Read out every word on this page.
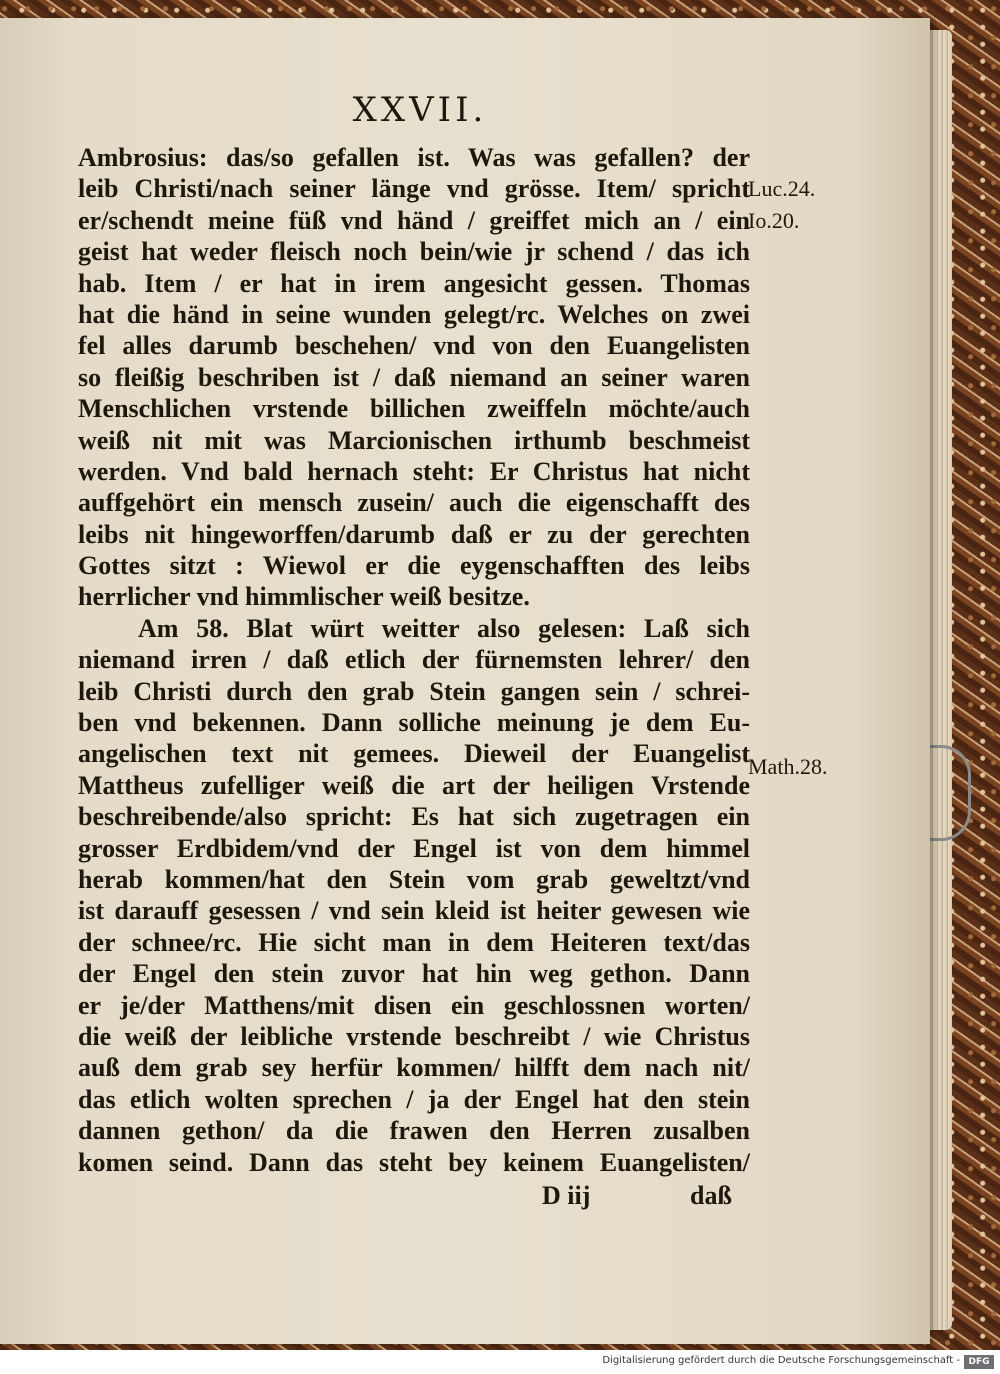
XXVII.
Ambrosius: das/so gefallen ist. Was was gefallen? der
leib Christi/nach seiner länge vnd grösse. Item/ spricht
er/schendt meine füß vnd händ / greiffet mich an / ein
geist hat weder fleisch noch bein/wie jr schend / das ich
hab. Item / er hat in irem angesicht gessen. Thomas
hat die händ in seine wunden gelegt/rc. Welches on zwei
fel alles darumb beschehen/ vnd von den Euangelisten
so fleißig beschriben ist / daß niemand an seiner waren
Menschlichen vrstende billichen zweiffeln möchte/auch
weiß nit mit was Marcionischen irthumb beschmeist
werden. Vnd bald hernach steht: Er Christus hat nicht
auffgehört ein mensch zusein/ auch die eigenschafft des
leibs nit hingeworffen/darumb daß er zu der gerechten
Gottes sitzt : Wiewol er die eygenschafften des leibs
herrlicher vnd himmlischer weiß besitze.
Am 58. Blat würt weitter also gelesen: Laß sich
niemand irren / daß etlich der fürnemsten lehrer/ den
leib Christi durch den grab Stein gangen sein / schrei-
ben vnd bekennen. Dann solliche meinung je dem Eu-
angelischen text nit gemees. Dieweil der Euangelist
Mattheus zufelliger weiß die art der heiligen Vrstende
beschreibende/also spricht: Es hat sich zugetragen ein
grosser Erdbidem/vnd der Engel ist von dem himmel
herab kommen/hat den Stein vom grab geweltzt/vnd
ist darauff gesessen / vnd sein kleid ist heiter gewesen wie
der schnee/rc. Hie sicht man in dem Heiteren text/das
der Engel den stein zuvor hat hin weg gethon. Dann
er je/der Matthens/mit disen ein geschlossnen worten/
die weiß der leibliche vrstende beschreibt / wie Christus
auß dem grab sey herfür kommen/ hilfft dem nach nit/
das etlich wolten sprechen / ja der Engel hat den stein
dannen gethon/ da die frawen den Herren zusalben
komen seind. Dann das steht bey keinem Euangelisten/
Luc.24.
Io.20.
Math.28.
D iij	daß
Digitalisierung gefördert durch die Deutsche Forschungsgemeinschaft - DFG
